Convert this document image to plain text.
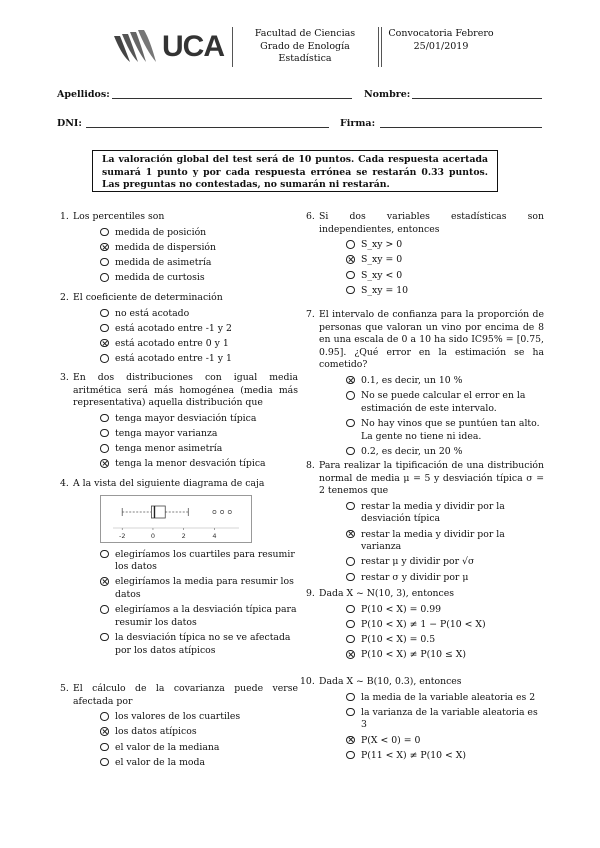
UCA	Facultad de Ciencias
Grado de Enología
Estadística
Convocatoria Febrero
25/01/2019
Apellidos:	Nombre:
DNI:	Firma:
La valoración global del test será de 10 puntos. Cada respuesta acertada sumará 1 punto y por cada respuesta errónea se restarán 0.33 puntos. Las preguntas no contestadas, no sumarán ni restarán.
1. Los percentiles son
medida de posición
medida de dispersión
medida de asimetría
medida de curtosis
2. El coeficiente de determinación
no está acotado
está acotado entre -1 y 2
está acotado entre 0 y 1
está acotado entre -1 y 1
3. En dos distribuciones con igual media aritmética será más homogénea (media más representativa) aquella distribución que
tenga mayor desviación típica
tenga mayor varianza
tenga menor asimetría
tenga la menor desvación típica
4. A la vista del siguiente diagrama de caja
-2	0	2	4
elegiríamos los cuartiles para resumir los datos
elegiríamos la media para resumir los datos
elegiríamos a la desviación típica para resumir los datos
la desviación típica no se ve afectada por los datos atípicos
5. El cálculo de la covarianza puede verse afectada por
los valores de los cuartiles
los datos atípicos
el valor de la mediana
el valor de la moda
6. Si dos variables estadísticas son independientes, entonces
S_xy > 0
S_xy = 0
S_xy < 0
S_xy = 10
7. El intervalo de confianza para la proporción de personas que valoran un vino por encima de 8 en una escala de 0 a 10 ha sido IC95% = [0.75, 0.95]. ¿Qué error en la estimación se ha cometido?
0.1, es decir, un 10 %
No se puede calcular el error en la estimación de este intervalo.
No hay vinos que se puntúen tan alto. La gente no tiene ni idea.
0.2, es decir, un 20 %
8. Para realizar la tipificación de una distribución normal de media μ = 5 y desviación típica σ = 2 tenemos que
restar la media y dividir por la desviación típica
restar la media y dividir por la varianza
restar μ y dividir por √σ
restar σ y dividir por μ
9. Dada X ~ N(10, 3), entonces
P(10 < X) = 0.99
P(10 < X) ≠ 1 − P(10 < X)
P(10 < X) = 0.5
P(10 < X) ≠ P(10 ≤ X)
10. Dada X ~ B(10, 0.3), entonces
la media de la variable aleatoria es 2
la varianza de la variable aleatoria es 3
P(X < 0) = 0
P(11 < X) ≠ P(10 < X)
